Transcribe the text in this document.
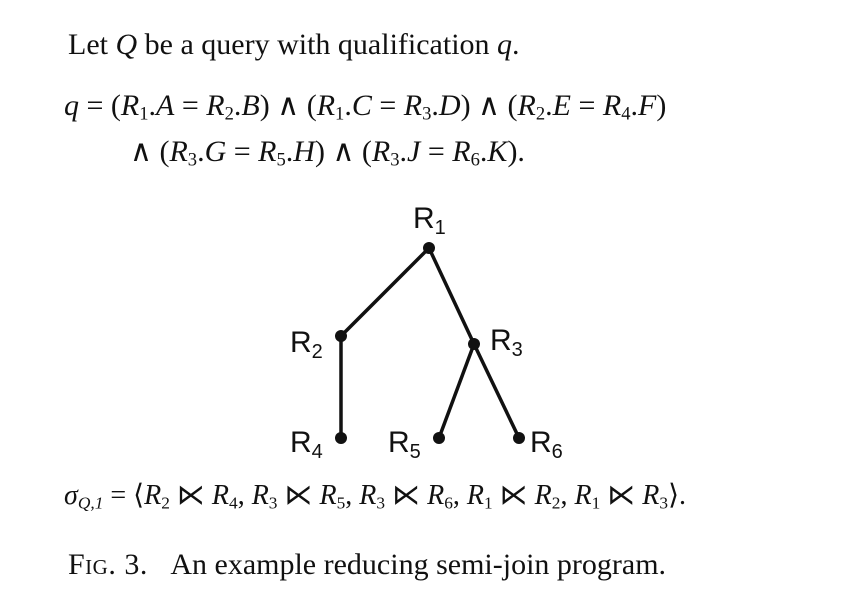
Let Q be a query with qualification q.
$q = (R_1.A = R_2.B)$ ∧ $(R_1.C = R_3.D)$ ∧ $(R_2.E = R_4.F)$
∧ $(R_3.G = R_5.H)$ ∧ $(R_3.J = R_6.K)$.
R1
R2	R3
R4 R5	R6
$\sigma_{Q,1}$ = $⟨R_2$ ⋉ $R_4$, $R_3$ ⋉ $R_5$, $R_3$ ⋉ $R_6$, $R_1$ ⋉ $R_2$, $R_1$ ⋉ $R_3⟩$.
Fig. 3. An example reducing semi-join program.
